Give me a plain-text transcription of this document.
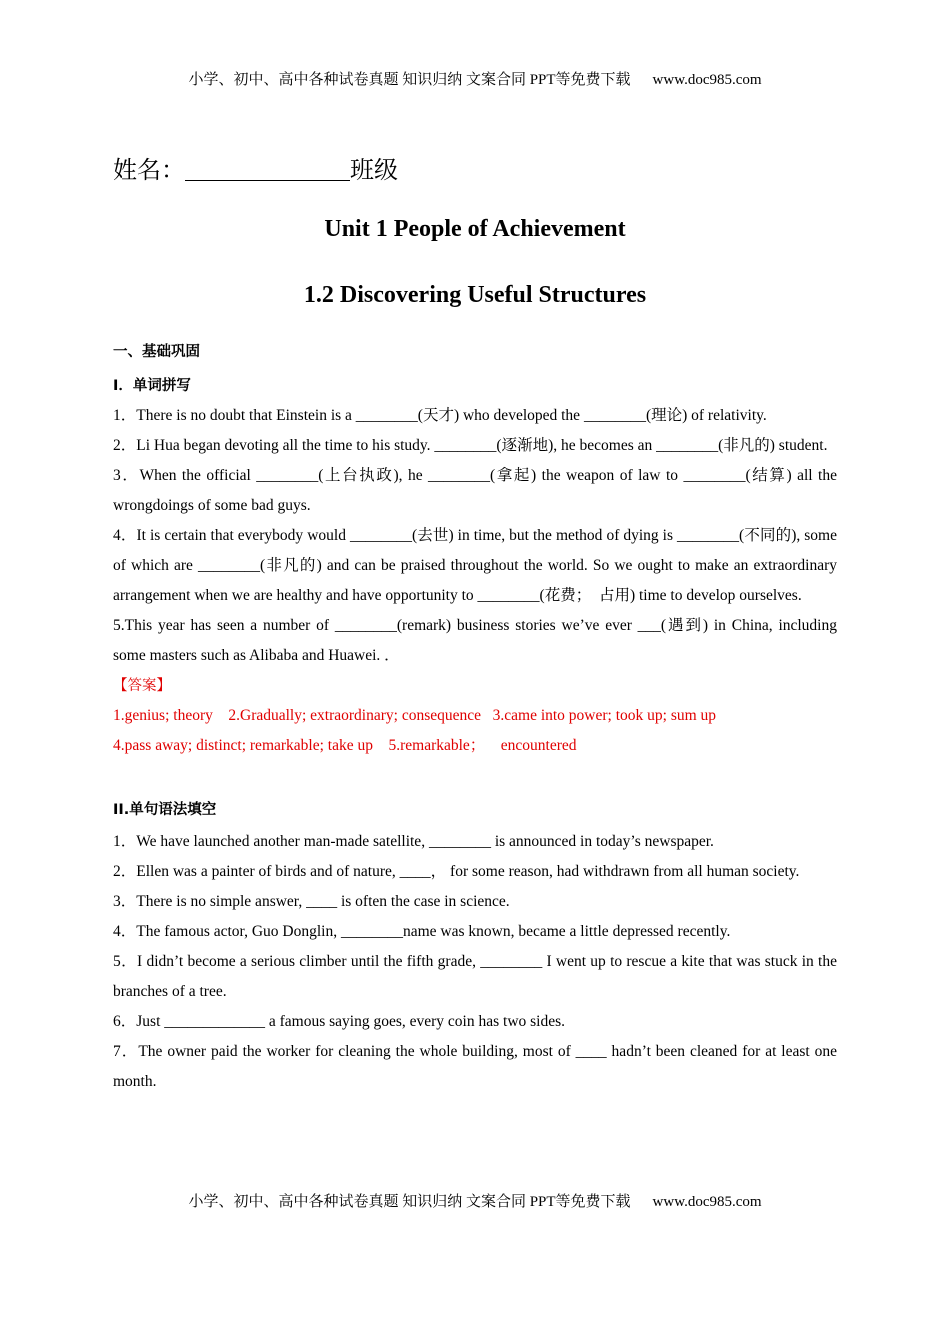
小学、初中、高中各种试卷真题 知识归纳 文案合同 PPT等免费下载 www.doc985.com
姓名：	班级
Unit 1 People of Achievement
1.2 Discovering Useful Structures

一、基础巩固

I．单词拼写

1．There is no doubt that Einstein is a ________(天才) who developed the ________(理论) of relativity.

2．Li Hua began devoting all the time to his study. ________(逐渐地), he becomes an ________(非凡的) student.

3．When the official ________(上台执政), he ________(拿起) the weapon of law to ________(结算) all the wrongdoings of some bad guys.

4．It is certain that everybody would ________(去世) in time, but the method of dying is ________(不同的), some of which are ________(非凡的) and can be praised throughout the world. So we ought to make an extraordinary arrangement when we are healthy and have opportunity to ________(花费；　占用) time to develop ourselves.

5.This year has seen a number of ________(remark) business stories we’ve ever ___(遇到) in China, including some masters such as Alibaba and Huawei. ．

【答案】

1.genius; theory    2.Gradually; extraordinary; consequence   3.came into power; took up; sum up

4.pass away; distinct; remarkable; take up    5.remarkable；    encountered

II.单句语法填空

1．We have launched another man-made satellite, ________ is announced in today’s newspaper.

2．Ellen was a painter of birds and of nature, ____， for some reason, had withdrawn from all human society.

3．There is no simple answer, ____ is often the case in science.

4．The famous actor, Guo Donglin, ________name was known, became a little depressed recently.

5．I didn’t become a serious climber until the fifth grade, ________ I went up to rescue a kite that was stuck in the branches of a tree.

6．Just _____________ a famous saying goes, every coin has two sides.

7．The owner paid the worker for cleaning the whole building, most of ____ hadn’t been cleaned for at least one month.

小学、初中、高中各种试卷真题 知识归纳 文案合同 PPT等免费下载 www.doc985.com
